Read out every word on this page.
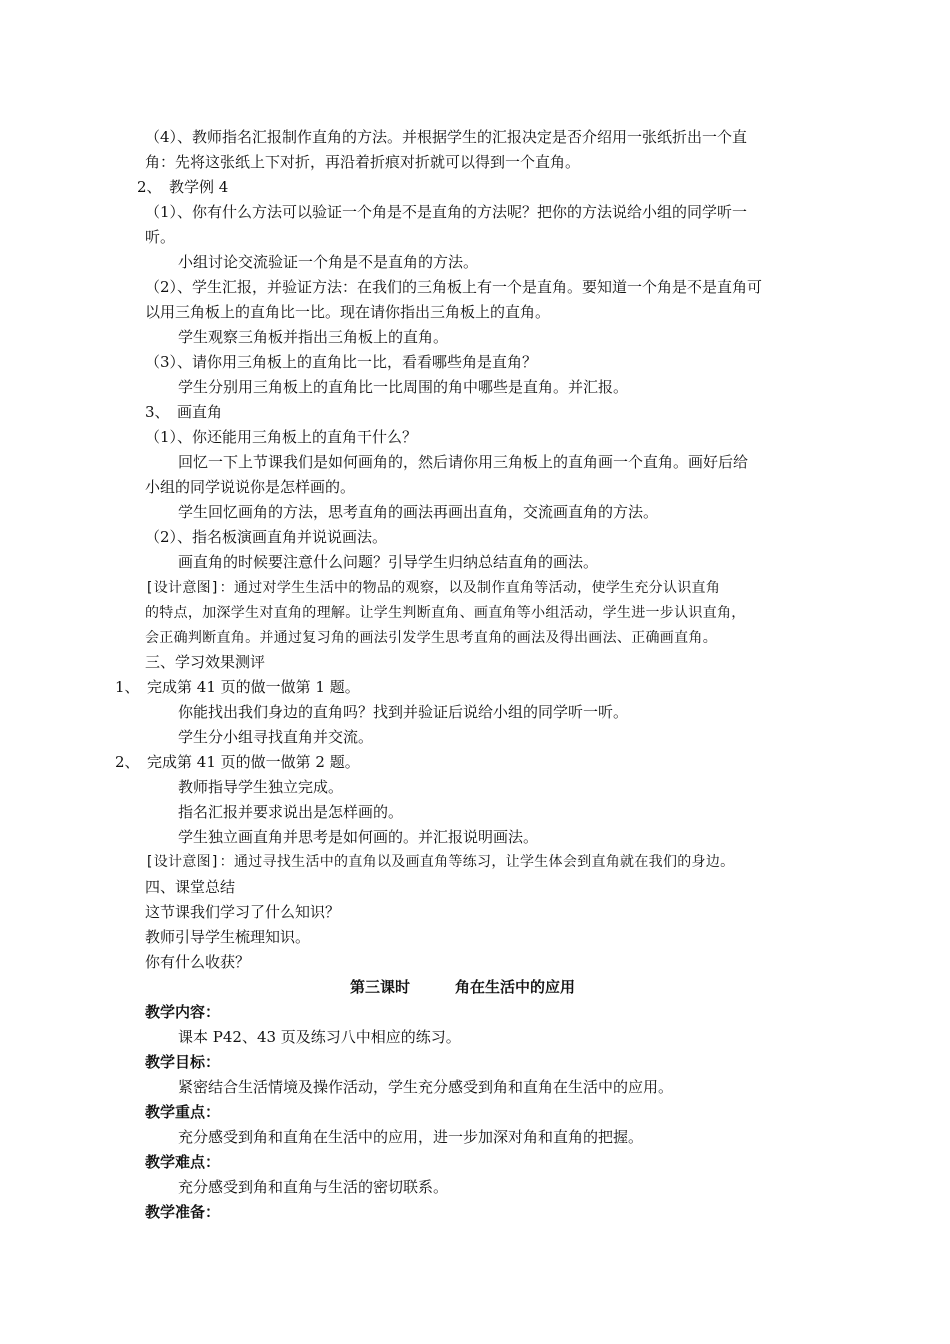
（4）、教师指名汇报制作直角的方法。并根据学生的汇报决定是否介绍用一张纸折出一个直
角：先将这张纸上下对折，再沿着折痕对折就可以得到一个直角。
2、　教学例 4
（1）、你有什么方法可以验证一个角是不是直角的方法呢？把你的方法说给小组的同学听一
听。
小组讨论交流验证一个角是不是直角的方法。
（2）、学生汇报，并验证方法：在我们的三角板上有一个是直角。要知道一个角是不是直角可
以用三角板上的直角比一比。现在请你指出三角板上的直角。
学生观察三角板并指出三角板上的直角。
（3）、请你用三角板上的直角比一比，看看哪些角是直角？
学生分别用三角板上的直角比一比周围的角中哪些是直角。并汇报。
3、　画直角
（1）、你还能用三角板上的直角干什么？
回忆一下上节课我们是如何画角的，然后请你用三角板上的直角画一个直角。画好后给
小组的同学说说你是怎样画的。
学生回忆画角的方法，思考直角的画法再画出直角，交流画直角的方法。
（2）、指名板演画直角并说说画法。
画直角的时候要注意什么问题？引导学生归纳总结直角的画法。
[设计意图]：通过对学生生活中的物品的观察，以及制作直角等活动，使学生充分认识直角
的特点，加深学生对直角的理解。让学生判断直角、画直角等小组活动，学生进一步认识直角，
会正确判断直角。并通过复习角的画法引发学生思考直角的画法及得出画法、正确画直角。
三、学习效果测评
1、　完成第 41 页的做一做第 1 题。
你能找出我们身边的直角吗？找到并验证后说给小组的同学听一听。
学生分小组寻找直角并交流。
2、　完成第 41 页的做一做第 2 题。
教师指导学生独立完成。
指名汇报并要求说出是怎样画的。
学生独立画直角并思考是如何画的。并汇报说明画法。
[设计意图]：通过寻找生活中的直角以及画直角等练习，让学生体会到直角就在我们的身边。
四、课堂总结
这节课我们学习了什么知识？
教师引导学生梳理知识。
你有什么收获？
第三课时　　　角在生活中的应用
教学内容：
课本 P42、43 页及练习八中相应的练习。
教学目标：
紧密结合生活情境及操作活动，学生充分感受到角和直角在生活中的应用。
教学重点：
充分感受到角和直角在生活中的应用，进一步加深对角和直角的把握。
教学难点：
充分感受到角和直角与生活的密切联系。
教学准备：
